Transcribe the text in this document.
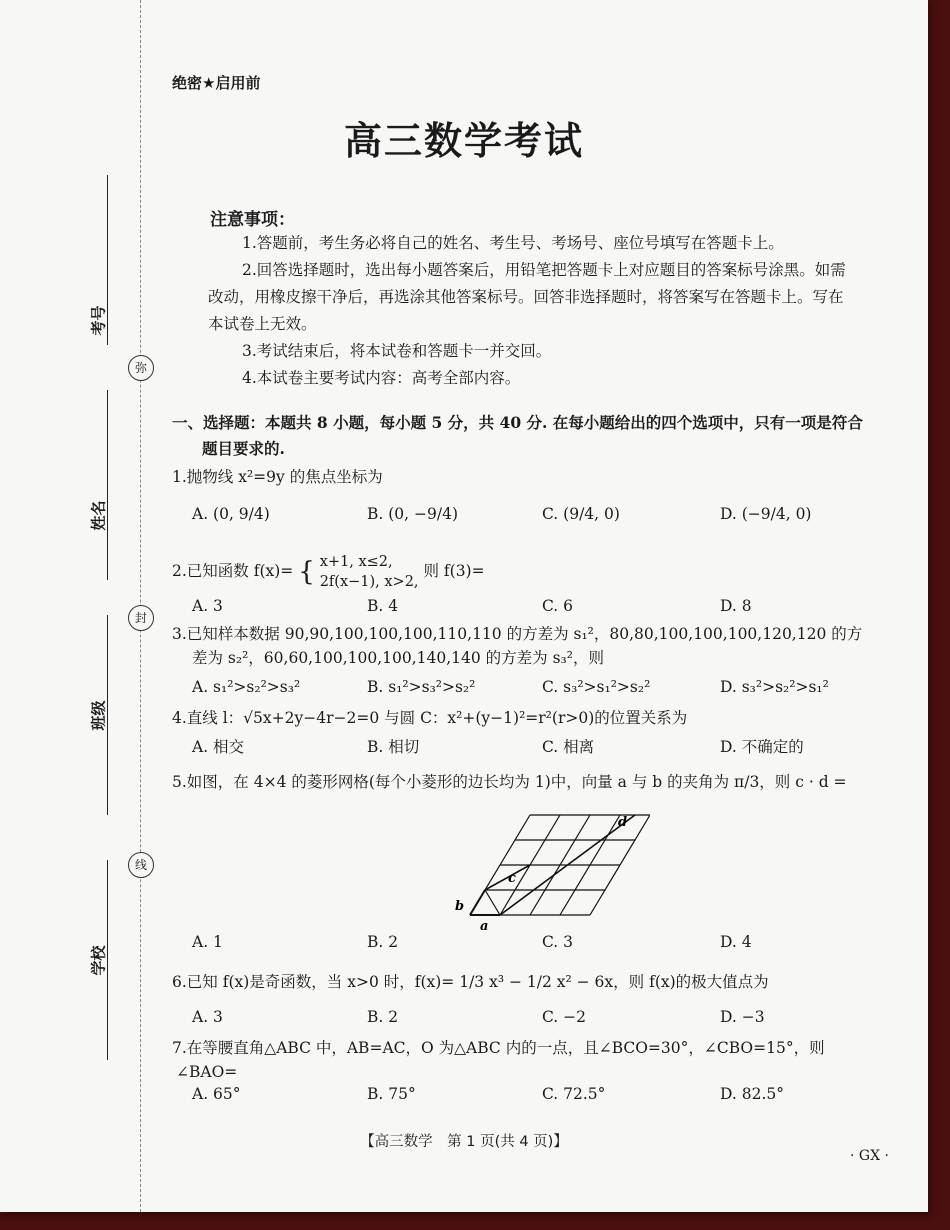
考号
姓名
班级
学校
弥
封
线
绝密★启用前
高三数学考试
注意事项：

1.答题前，考生务必将自己的姓名、考生号、考场号、座位号填写在答题卡上。

2.回答选择题时，选出每小题答案后，用铅笔把答题卡上对应题目的答案标号涂黑。如需改动，用橡皮擦干净后，再选涂其他答案标号。回答非选择题时，将答案写在答题卡上。写在本试卷上无效。

3.考试结束后，将本试卷和答题卡一并交回。

4.本试卷主要考试内容：高考全部内容。

一、选择题：本题共 8 小题，每小题 5 分，共 40 分. 在每小题给出的四个选项中，只有一项是符合
题目要求的.
1.抛物线 x²=9y 的焦点坐标为
A. (0, 9/4)	B. (0, −9/4)	C. (9/4, 0)	D. (−9/4, 0)
2.已知函数 f(x)= { x+1, x≤2,
2f(x−1), x>2,
则 f(3)=
A. 3	B. 4	C. 6	D. 8
3.已知样本数据 90,90,100,100,100,110,110 的方差为 s₁²，80,80,100,100,100,120,120 的方
差为 s₂²，60,60,100,100,100,140,140 的方差为 s₃²，则
A. s₁²>s₂²>s₃²	B. s₁²>s₃²>s₂²	C. s₃²>s₁²>s₂²	D. s₃²>s₂²>s₁²
4.直线 l：√5x+2y−4r−2=0 与圆 C：x²+(y−1)²=r²(r>0)的位置关系为
A. 相交	B. 相切	C. 相离	D. 不确定的
5.如图，在 4×4 的菱形网格(每个小菱形的边长均为 1)中，向量 a 与 b 的夹角为 π/3，则 c · d =
b
a
c
d
A. 1	B. 2	C. 3	D. 4
6.已知 f(x)是奇函数，当 x>0 时，f(x)= 1/3 x³ − 1/2 x² − 6x，则 f(x)的极大值点为
A. 3	B. 2	C. −2	D. −3
7.在等腰直角△ABC 中，AB=AC，O 为△ABC 内的一点，且∠BCO=30°，∠CBO=15°，则
∠BAO=
A. 65°	B. 75°	C. 72.5°	D. 82.5°
【高三数学　第 1 页(共 4 页)】
· GX ·
